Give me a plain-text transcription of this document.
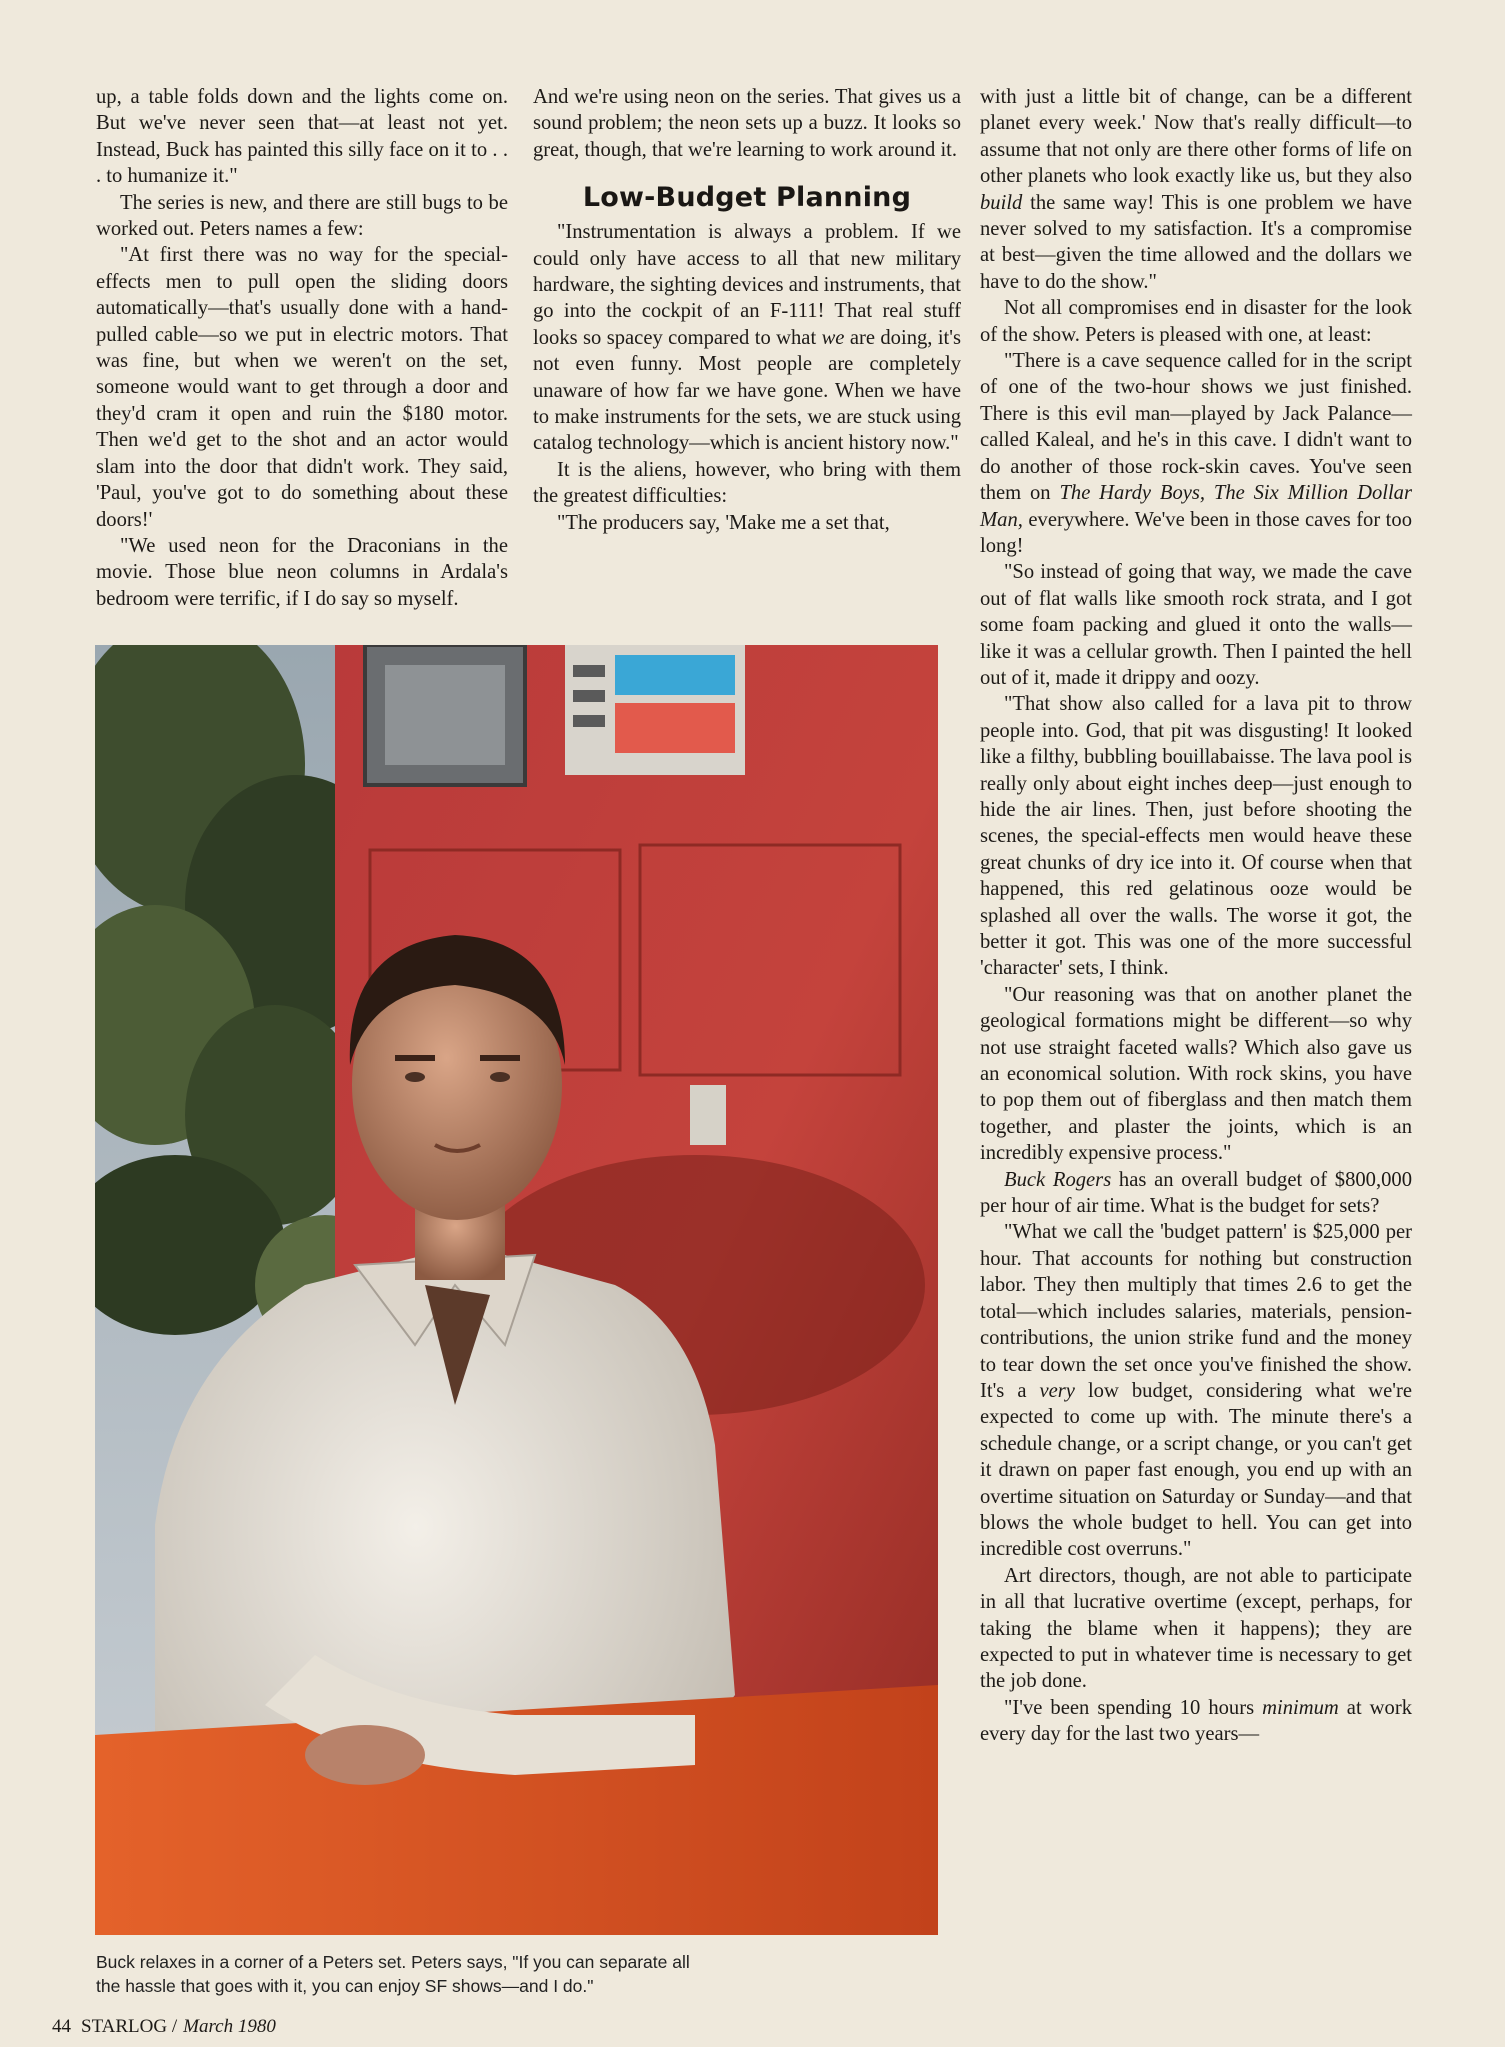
up, a table folds down and the lights come on. But we've never seen that—at least not yet. Instead, Buck has painted this silly face on it to . . . to humanize it."

The series is new, and there are still bugs to be worked out. Peters names a few:

"At first there was no way for the special-effects men to pull open the sliding doors automatically—that's usually done with a hand-pulled cable—so we put in electric motors. That was fine, but when we weren't on the set, someone would want to get through a door and they'd cram it open and ruin the $180 motor. Then we'd get to the shot and an actor would slam into the door that didn't work. They said, 'Paul, you've got to do something about these doors!'

"We used neon for the Draconians in the movie. Those blue neon columns in Ardala's bedroom were terrific, if I do say so myself.

And we're using neon on the series. That gives us a sound problem; the neon sets up a buzz. It looks so great, though, that we're learning to work around it.

Low-Budget Planning

"Instrumentation is always a problem. If we could only have access to all that new military hardware, the sighting devices and instruments, that go into the cockpit of an F-111! That real stuff looks so spacey compared to what we are doing, it's not even funny. Most people are completely unaware of how far we have gone. When we have to make instruments for the sets, we are stuck using catalog technology—which is ancient history now."

It is the aliens, however, who bring with them the greatest difficulties:

"The producers say, 'Make me a set that,

with just a little bit of change, can be a different planet every week.' Now that's really difficult—to assume that not only are there other forms of life on other planets who look exactly like us, but they also build the same way! This is one problem we have never solved to my satisfaction. It's a compromise at best—given the time allowed and the dollars we have to do the show."

Not all compromises end in disaster for the look of the show. Peters is pleased with one, at least:

"There is a cave sequence called for in the script of one of the two-hour shows we just finished. There is this evil man—played by Jack Palance—called Kaleal, and he's in this cave. I didn't want to do another of those rock-skin caves. You've seen them on The Hardy Boys, The Six Million Dollar Man, everywhere. We've been in those caves for too long!

"So instead of going that way, we made the cave out of flat walls like smooth rock strata, and I got some foam packing and glued it onto the walls—like it was a cellular growth. Then I painted the hell out of it, made it drippy and oozy.

"That show also called for a lava pit to throw people into. God, that pit was disgusting! It looked like a filthy, bubbling bouillabaisse. The lava pool is really only about eight inches deep—just enough to hide the air lines. Then, just before shooting the scenes, the special-effects men would heave these great chunks of dry ice into it. Of course when that happened, this red gelatinous ooze would be splashed all over the walls. The worse it got, the better it got. This was one of the more successful 'character' sets, I think.

"Our reasoning was that on another planet the geological formations might be different—so why not use straight faceted walls? Which also gave us an economical solution. With rock skins, you have to pop them out of fiberglass and then match them together, and plaster the joints, which is an incredibly expensive process."

Buck Rogers has an overall budget of $800,000 per hour of air time. What is the budget for sets?

"What we call the 'budget pattern' is $25,000 per hour. That accounts for nothing but construction labor. They then multiply that times 2.6 to get the total—which includes salaries, materials, pension-contributions, the union strike fund and the money to tear down the set once you've finished the show. It's a very low budget, considering what we're expected to come up with. The minute there's a schedule change, or a script change, or you can't get it drawn on paper fast enough, you end up with an overtime situation on Saturday or Sunday—and that blows the whole budget to hell. You can get into incredible cost overruns."

Art directors, though, are not able to participate in all that lucrative overtime (except, perhaps, for taking the blame when it happens); they are expected to put in whatever time is necessary to get the job done.

"I've been spending 10 hours minimum at work every day for the last two years—

Buck relaxes in a corner of a Peters set. Peters says, "If you can separate all
the hassle that goes with it, you can enjoy SF shows—and I do."
44 STARLOG / March 1980
